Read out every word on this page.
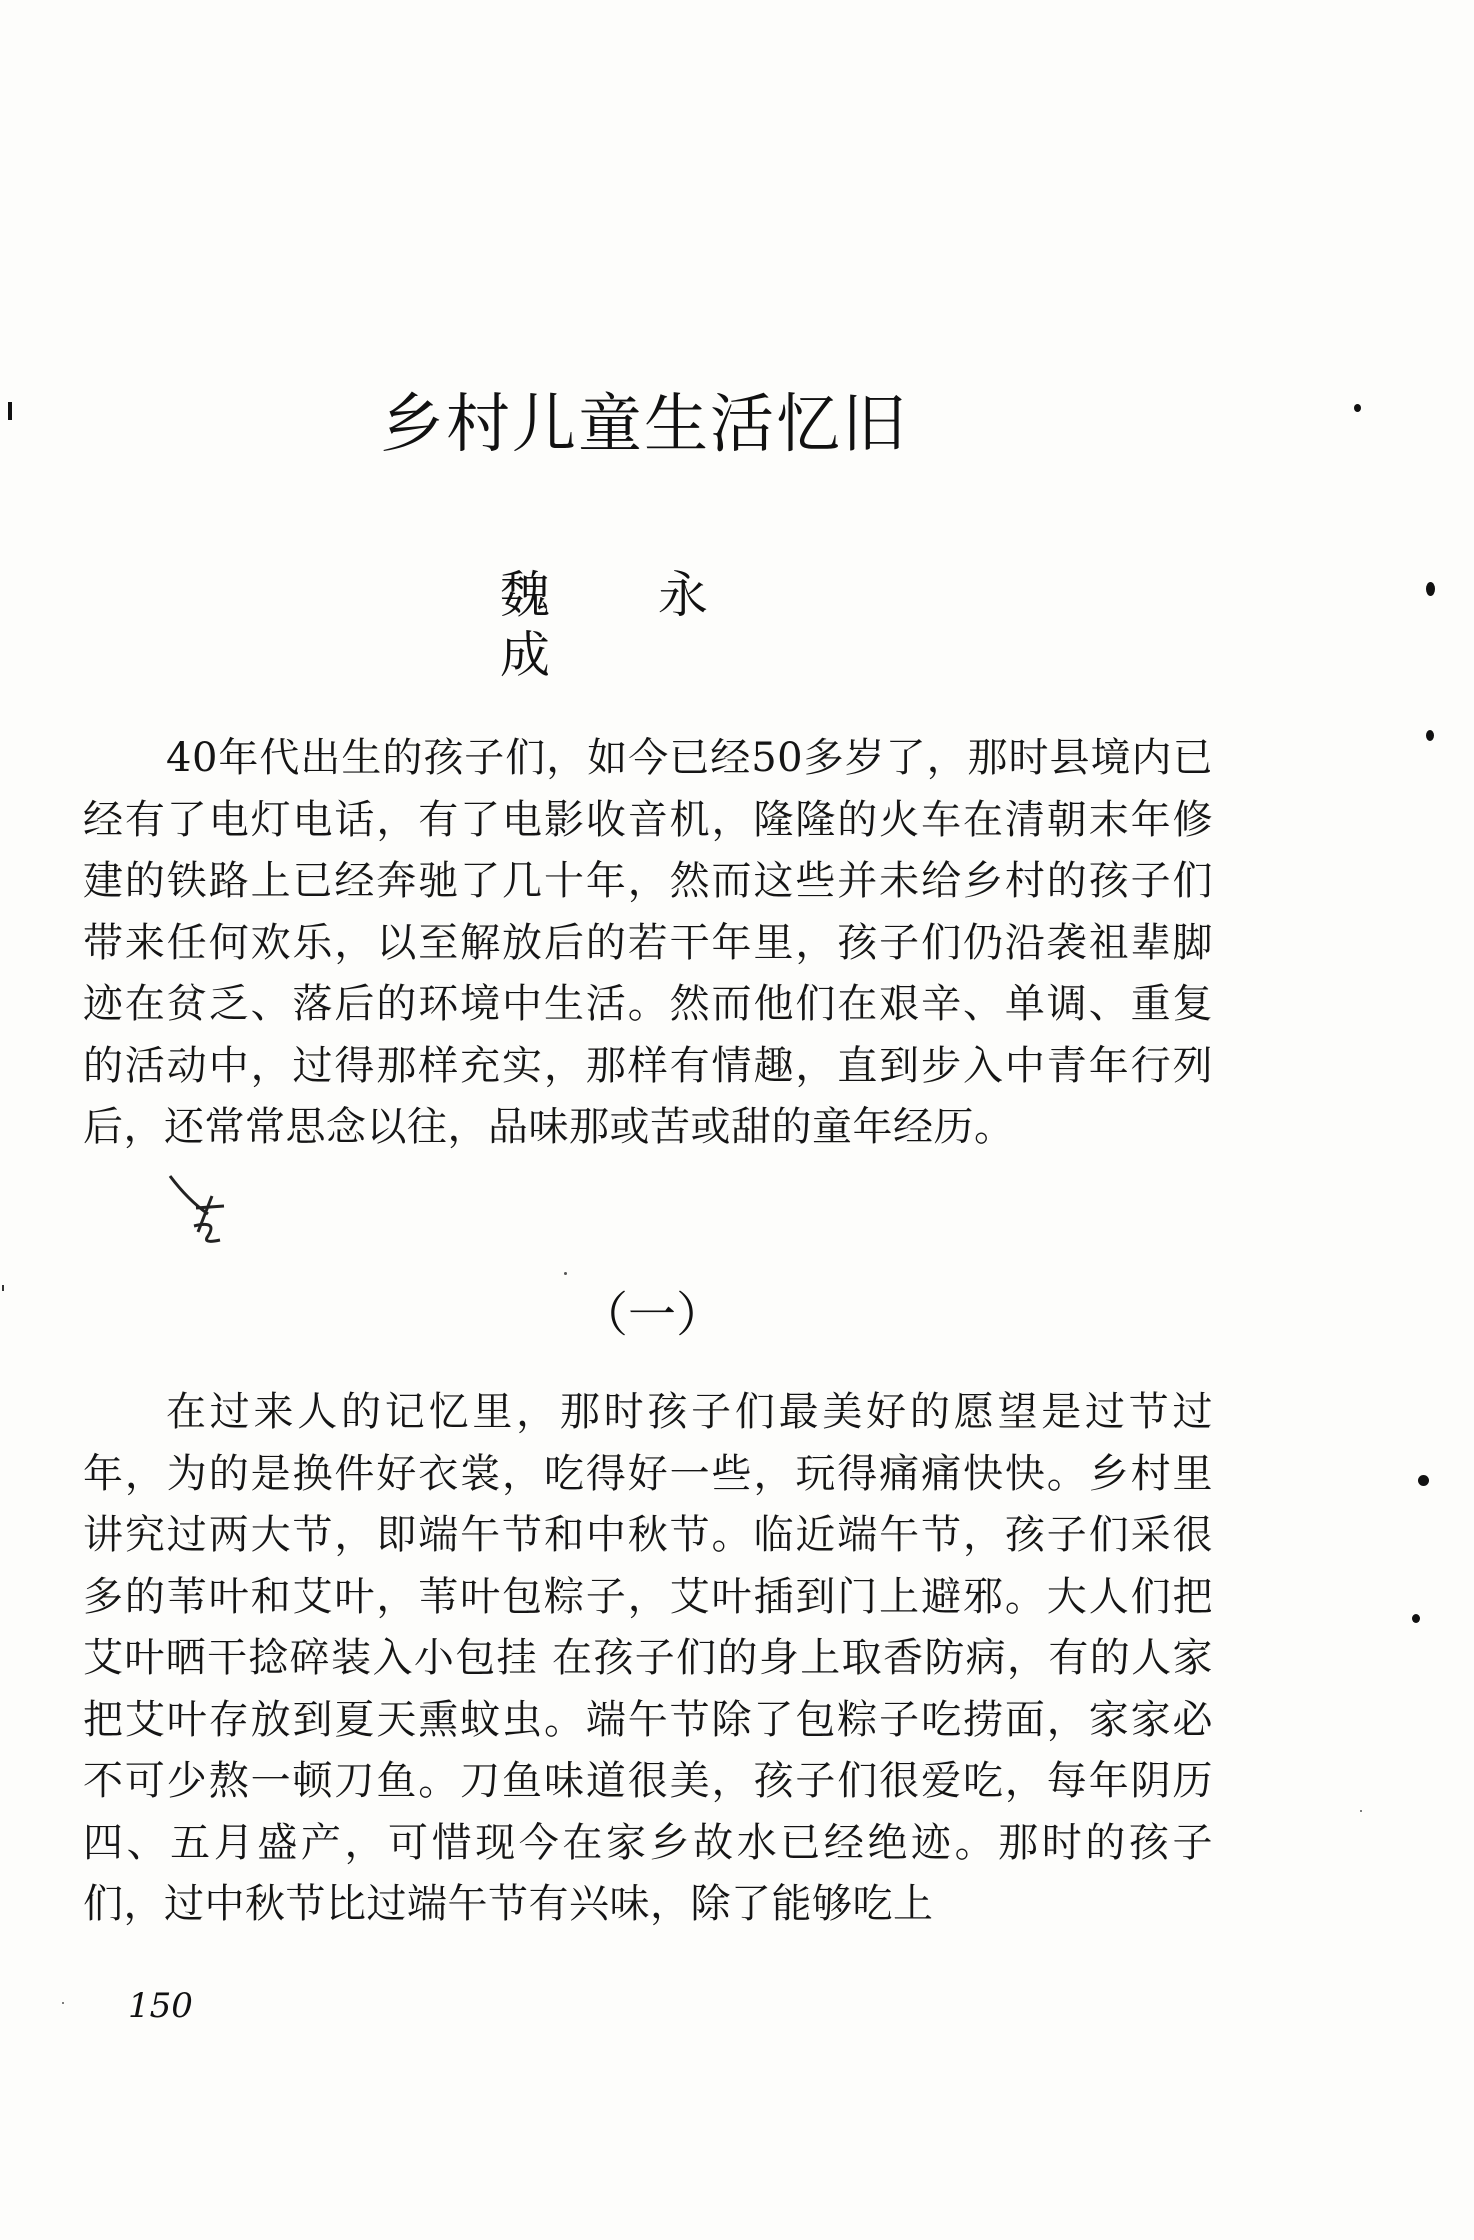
乡村儿童生活忆旧

魏 永 成

40年代出生的孩子们，如今已经50多岁了，那时县境内已经有了电灯电话，有了电影收音机，隆隆的火车在清朝末年修建的铁路上已经奔驰了几十年，然而这些并未给乡村的孩子们带来任何欢乐，以至解放后的若干年里，孩子们仍沿袭祖辈脚迹在贫乏、落后的环境中生活。然而他们在艰辛、单调、重复的活动中，过得那样充实，那样有情趣，直到步入中青年行列后，还常常思念以往，品味那或苦或甜的童年经历。

（一）

在过来人的记忆里，那时孩子们最美好的愿望是过节过年，为的是换件好衣裳，吃得好一些，玩得痛痛快快。乡村里讲究过两大节，即端午节和中秋节。临近端午节，孩子们采很多的苇叶和艾叶，苇叶包粽子，艾叶插到门上避邪。大人们把艾叶晒干捻碎装入小包挂 在孩子们的身上取香防病，有的人家把艾叶存放到夏天熏蚊虫。端午节除了包粽子吃捞面，家家必不可少熬一顿刀鱼。刀鱼味道很美，孩子们很爱吃，每年阴历四、五月盛产，可惜现今在家乡故水已经绝迹。那时的孩子们，过中秋节比过端午节有兴味，除了能够吃上

150
